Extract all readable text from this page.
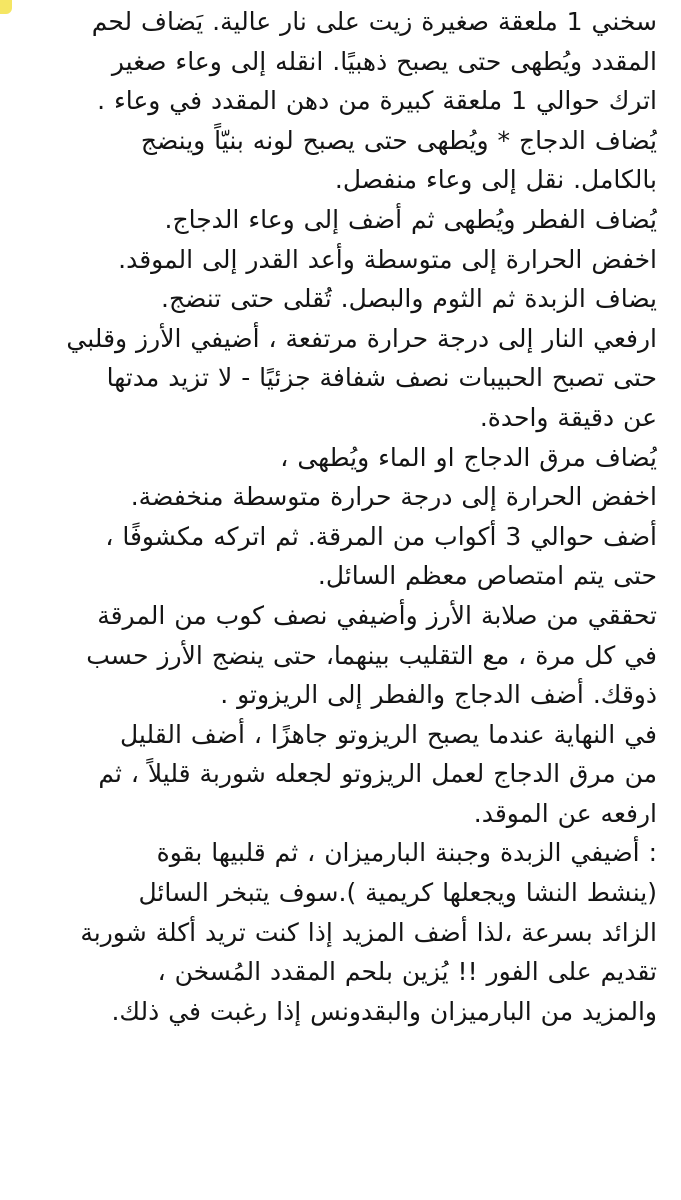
سخني 1 ملعقة صغيرة زيت على نار عالية. يَضاف لحم
المقدد ويُطهى حتى يصبح ذهبيًا. انقله إلى وعاء صغير
اترك حوالي 1 ملعقة كبيرة من دهن المقدد في وعاء .
يُضاف الدجاج * ويُطهى حتى يصبح لونه بنيّاً وينضج
بالكامل. نقل إلى وعاء منفصل.
يُضاف الفطر ويُطهى ثم أضف إلى وعاء الدجاج.
اخفض الحرارة إلى متوسطة وأعد القدر إلى الموقد.
يضاف الزبدة ثم الثوم والبصل. تُقلى حتى تنضج.
ارفعي النار إلى درجة حرارة مرتفعة ، أضيفي الأرز وقلبي
حتى تصبح الحبيبات نصف شفافة جزئيًا - لا تزيد مدتها
عن دقيقة واحدة.
يُضاف مرق الدجاج او الماء ويُطهى ،
اخفض الحرارة إلى درجة حرارة متوسطة منخفضة.
أضف حوالي 3 أكواب من المرقة. ثم اتركه مكشوفًا ،
حتى يتم امتصاص معظم السائل.
تحققي من صلابة الأرز وأضيفي نصف كوب من المرقة
في كل مرة ، مع التقليب بينهما، حتى ينضج الأرز حسب
ذوقك. أضف الدجاج والفطر إلى الريزوتو .
في النهاية عندما يصبح الريزوتو جاهزًا ، أضف القليل
من مرق الدجاج لعمل الريزوتو لجعله شوربة قليلاً ، ثم
ارفعه عن الموقد.
: أضيفي الزبدة وجبنة البارميزان ، ثم قلبيها بقوة
(ينشط النشا ويجعلها كريمية ).سوف يتبخر السائل
الزائد بسرعة ،لذا أضف المزيد إذا كنت تريد أكلة شوربة
تقديم على الفور !! يُزين بلحم المقدد المُسخن ،
والمزيد من البارميزان والبقدونس إذا رغبت في ذلك.
